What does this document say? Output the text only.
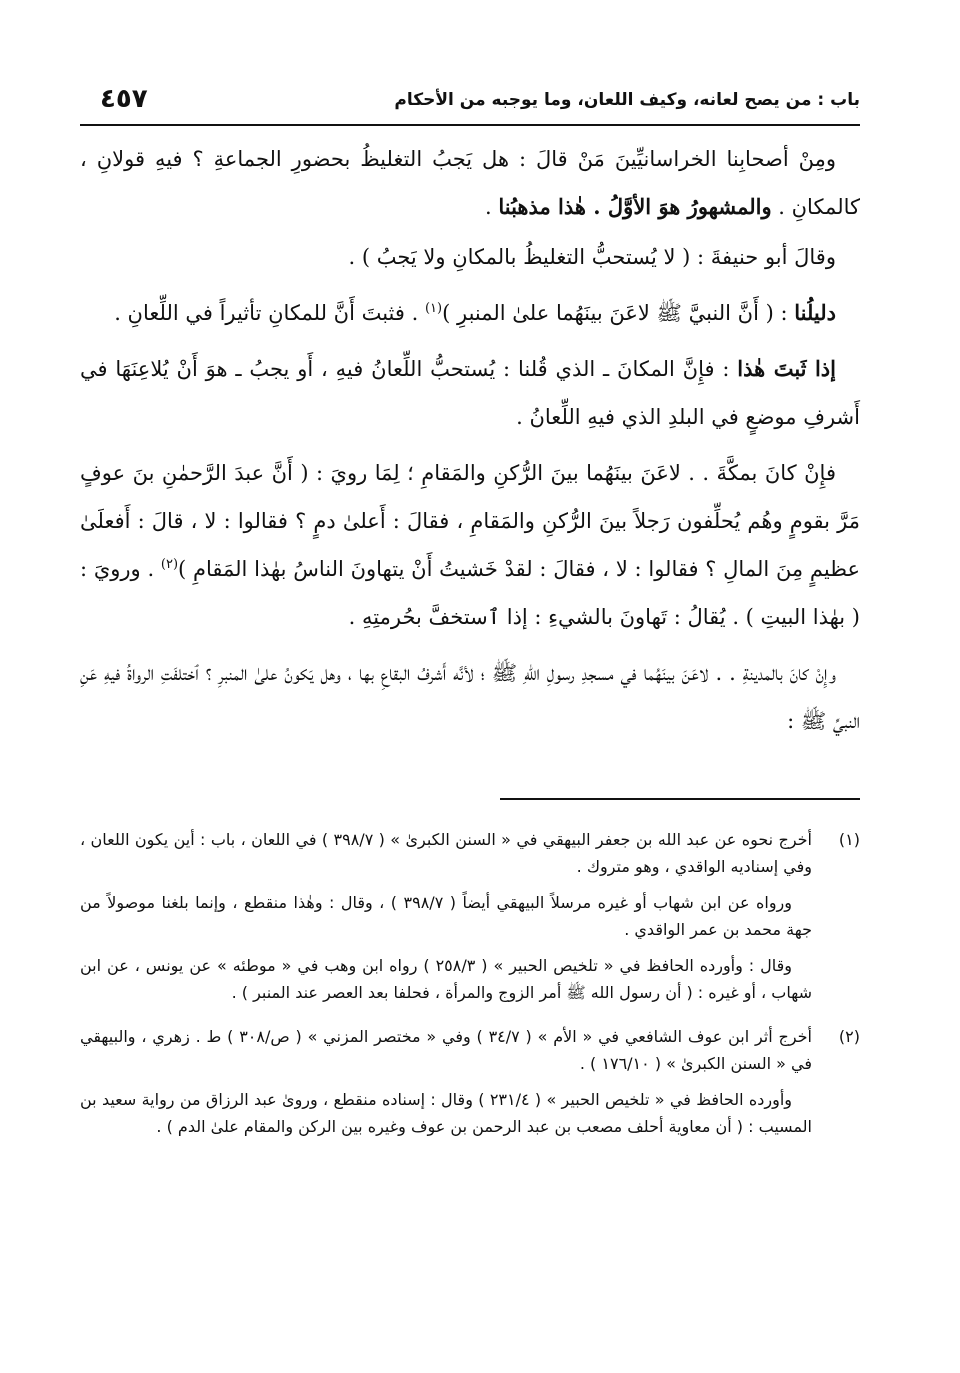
باب : من يصح لعانه، وكيف اللعان، وما يوجبه من الأحكام
٤٥٧

ومِنْ أصحابِنا الخراسانيِّينَ مَنْ قالَ : هل يَجبُ التغليظُ بحضورِ الجماعةِ ؟ فيهِ قولانِ ، كالمكانِ . والمشهورُ هوَ الأوَّلُ . هٰذا مذهبُنا .

وقالَ أبو حنيفةَ : ( لا يُستحبُّ التغليظُ بالمكانِ ولا يَجبُ ) .

دليلُنا : ( أَنَّ النبيَّ ﷺ لاعَنَ بينَهُما علىٰ المنبرِ )$^{(١)}$ . فثبتَ أَنَّ للمكانِ تأثيراً في اللِّعانِ .

إذا ثَبتَ هٰذا : فإِنَّ المكانَ ـ الذي قُلنا : يُستحبُّ اللِّعانُ فيهِ ، أَو يجبُ ـ هوَ أَنْ يُلاعِنَهَا في أَشرفِ موضعٍ في البلدِ الذي فيهِ اللِّعانُ .

فإِنْ كانَ بمكَّةَ . . لاعَنَ بينَهُما بينَ الرُّكنِ والمَقامِ ؛ لِمَا رويَ : ( أَنَّ عبدَ الرَّحمٰنِ بنَ عوفٍ مَرَّ بقومٍ وهُم يُحلِّفون رَجلاً بينَ الرُّكنِ والمَقامِ ، فقالَ : أَعلىٰ دمٍ ؟ فقالوا : لا ، قالَ : أَفعلَىٰ عظيمٍ مِنَ المالِ ؟ فقالوا : لا ، فقالَ : لقدْ خَشيتُ أَنْ يتهاونَ الناسُ بهٰذا المَقامِ )$^{(٢)}$ . ورويَ : ( بهٰذا البيتِ ) . يُقالُ : تَهاونَ بالشيءِ : إذا ٱستخفَّ بحُرمتِهِ .

وإِنْ كانَ بالمدينةِ . . لاعَنَ بينَهُما في مسجدِ رسولِ اللهِ ﷺ ؛ لأنَّه أَشرفُ البقاعِ بها ، وهل يَكونُ علىٰ المنبرِ ؟ ٱختلفَتِ الرواةُ فيهِ عَنِ النبيِّ ﷺ :

(١)

أخرج نحوه عن عبد الله بن جعفر البيهقي في « السنن الكبرىٰ » ( ٣٩٨/٧ ) في اللعان ، باب : أين يكون اللعان ، وفي إسناديه الواقدي ، وهو متروك .

ورواه عن ابن شهاب أو غيره مرسلاً البيهقي أيضاً ( ٣٩٨/٧ ) ، وقال : وهٰذا منقطع ، وإنما بلغنا موصولاً من جهة محمد بن عمر الواقدي .

وقال : وأورده الحافظ في « تلخيص الحبير » ( ٢٥٨/٣ ) رواه ابن وهب في « موطئه » عن يونس ، عن ابن شهاب ، أو غيره : ( أن رسول الله ﷺ أمر الزوج والمرأة ، فحلفا بعد العصر عند المنبر ) .

(٢)

أخرج أثر ابن عوف الشافعي في « الأم » ( ٣٤/٧ ) وفي « مختصر المزني » ( ص/٣٠٨ ) ط . زهري ، والبيهقي في « السنن الكبرىٰ » ( ١٧٦/١٠ ) .

وأورده الحافظ في « تلخيص الحبير » ( ٢٣١/٤ ) وقال : إسناده منقطع ، وروىٰ عبد الرزاق من رواية سعيد بن المسيب : ( أن معاوية أحلف مصعب بن عبد الرحمن بن عوف وغيره بين الركن والمقام علىٰ الدم ) .
